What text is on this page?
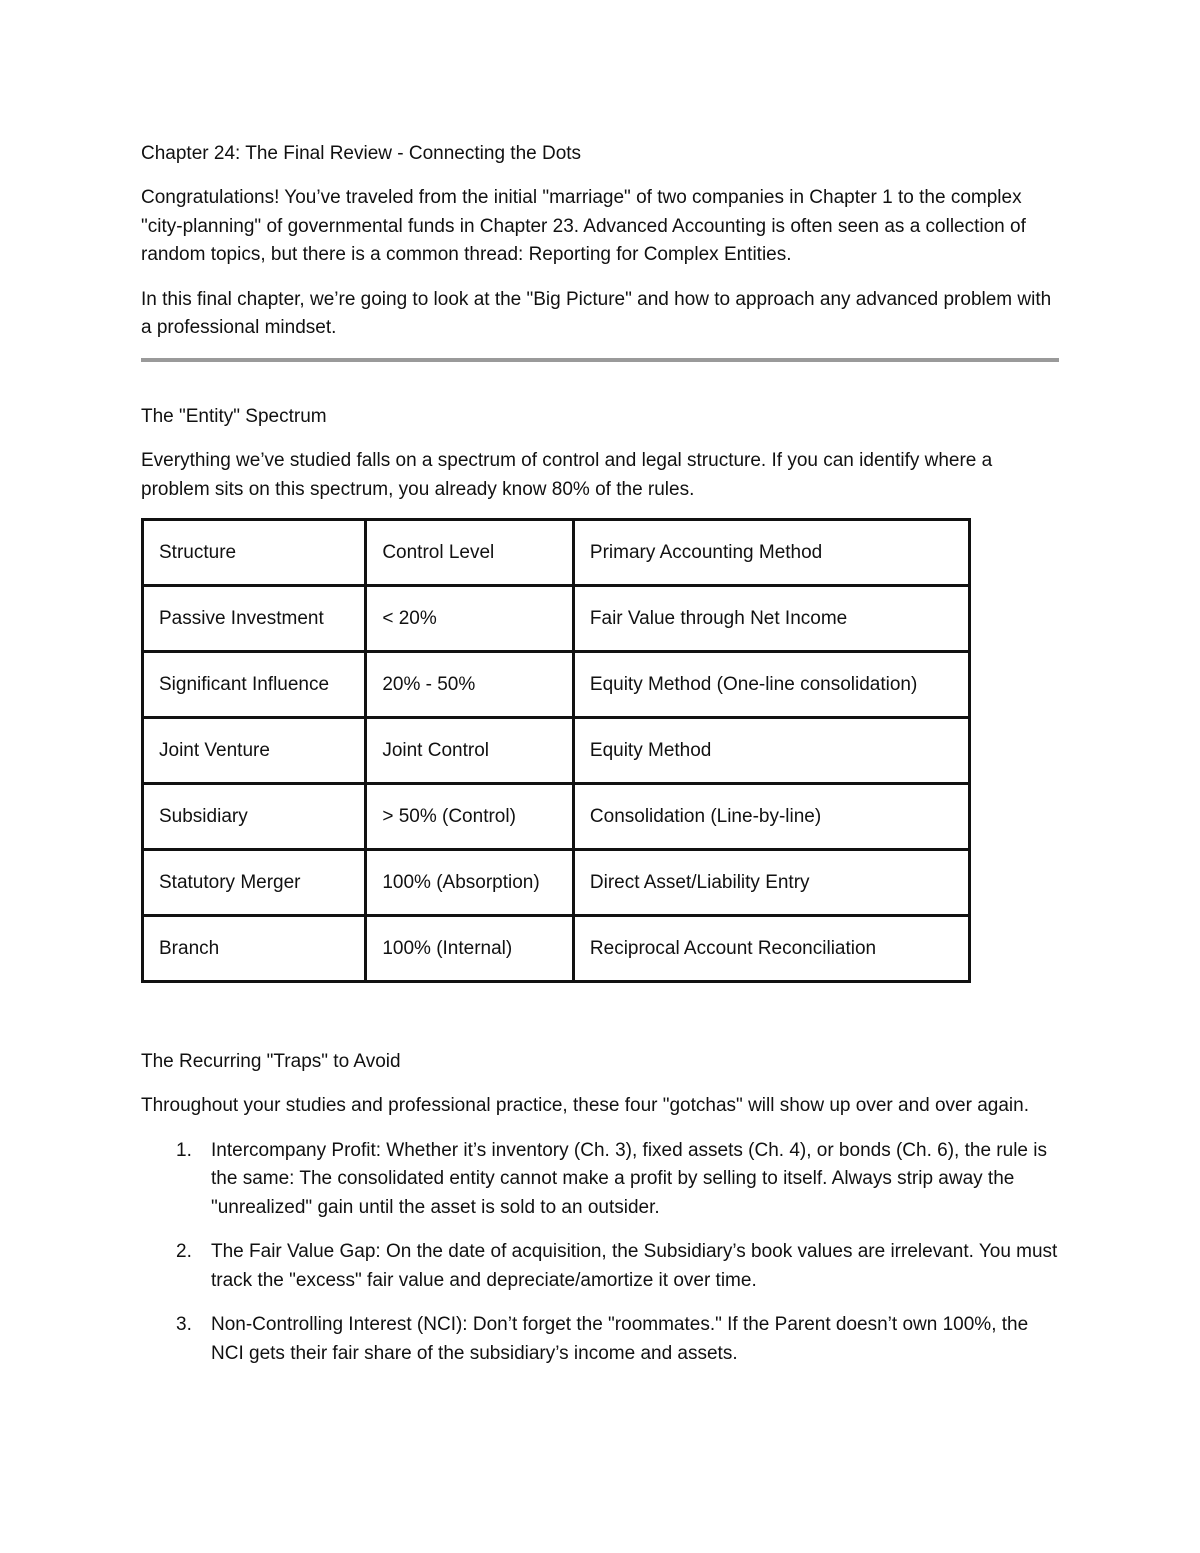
Chapter 24: The Final Review - Connecting the Dots
Congratulations! You’ve traveled from the initial "marriage" of two companies in Chapter 1 to the complex "city-planning" of governmental funds in Chapter 23. Advanced Accounting is often seen as a collection of random topics, but there is a common thread: Reporting for Complex Entities.
In this final chapter, we’re going to look at the "Big Picture" and how to approach any advanced problem with a professional mindset.
The "Entity" Spectrum
Everything we’ve studied falls on a spectrum of control and legal structure. If you can identify where a problem sits on this spectrum, you already know 80% of the rules.
Structure	Control Level	Primary Accounting Method
Passive Investment	< 20%	Fair Value through Net Income
Significant Influence	20% - 50%	Equity Method (One-line consolidation)
Joint Venture	Joint Control	Equity Method
Subsidiary	> 50% (Control)	Consolidation (Line-by-line)
Statutory Merger	100% (Absorption)	Direct Asset/Liability Entry
Branch	100% (Internal)	Reciprocal Account Reconciliation
The Recurring "Traps" to Avoid
Throughout your studies and professional practice, these four "gotchas" will show up over and over again.
1. Intercompany Profit: Whether it’s inventory (Ch. 3), fixed assets (Ch. 4), or bonds (Ch. 6), the rule is the same: The consolidated entity cannot make a profit by selling to itself. Always strip away the "unrealized" gain until the asset is sold to an outsider.
2. The Fair Value Gap: On the date of acquisition, the Subsidiary’s book values are irrelevant. You must track the "excess" fair value and depreciate/amortize it over time.
3. Non-Controlling Interest (NCI): Don’t forget the "roommates." If the Parent doesn’t own 100%, the NCI gets their fair share of the subsidiary’s income and assets.
